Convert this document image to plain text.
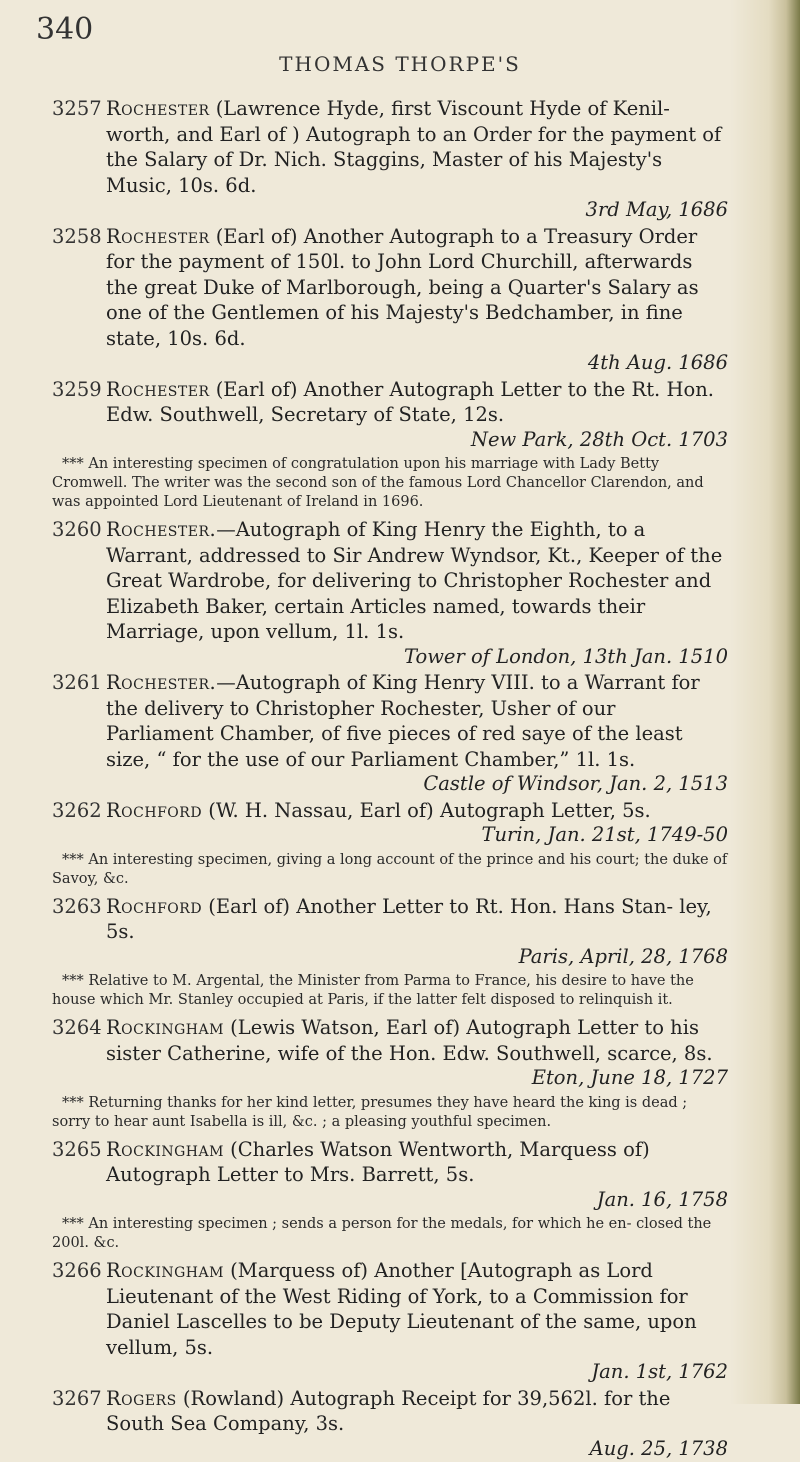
340
THOMAS THORPE'S
3257 Rochester (Lawrence Hyde, first Viscount Hyde of Kenil- worth, and Earl of ) Autograph to an Order for the payment of the Salary of Dr. Nich. Staggins, Master of his Majesty's Music, 10s. 6d.
3rd May, 1686
3258 Rochester (Earl of) Another Autograph to a Treasury Order for the payment of 150l. to John Lord Churchill, afterwards the great Duke of Marlborough, being a Quarter's Salary as one of the Gentlemen of his Majesty's Bedchamber, in fine state, 10s. 6d.
4th Aug. 1686
3259 Rochester (Earl of) Another Autograph Letter to the Rt. Hon. Edw. Southwell, Secretary of State, 12s.
New Park, 28th Oct. 1703
*** An interesting specimen of congratulation upon his marriage with Lady Betty Cromwell. The writer was the second son of the famous Lord Chancellor Clarendon, and was appointed Lord Lieutenant of Ireland in 1696.
3260 Rochester.—Autograph of King Henry the Eighth, to a Warrant, addressed to Sir Andrew Wyndsor, Kt., Keeper of the Great Wardrobe, for delivering to Christopher Rochester and Elizabeth Baker, certain Articles named, towards their Marriage, upon vellum, 1l. 1s.
Tower of London, 13th Jan. 1510
3261 Rochester.—Autograph of King Henry VIII. to a Warrant for the delivery to Christopher Rochester, Usher of our Parliament Chamber, of five pieces of red saye of the least size, “ for the use of our Parliament Chamber,” 1l. 1s.
Castle of Windsor, Jan. 2, 1513
3262 Rochford (W. H. Nassau, Earl of) Autograph Letter, 5s.
Turin, Jan. 21st, 1749-50
*** An interesting specimen, giving a long account of the prince and his court; the duke of Savoy, &c.
3263 Rochford (Earl of) Another Letter to Rt. Hon. Hans Stan- ley, 5s.
Paris, April, 28, 1768
*** Relative to M. Argental, the Minister from Parma to France, his desire to have the house which Mr. Stanley occupied at Paris, if the latter felt disposed to relinquish it.
3264 Rockingham (Lewis Watson, Earl of) Autograph Letter to his sister Catherine, wife of the Hon. Edw. Southwell, scarce, 8s.
Eton, June 18, 1727
*** Returning thanks for her kind letter, presumes they have heard the king is dead ; sorry to hear aunt Isabella is ill, &c. ; a pleasing youthful specimen.
3265 Rockingham (Charles Watson Wentworth, Marquess of) Autograph Letter to Mrs. Barrett, 5s.
Jan. 16, 1758
*** An interesting specimen ; sends a person for the medals, for which he en- closed the 200l. &c.
3266 Rockingham (Marquess of) Another [Autograph as Lord Lieutenant of the West Riding of York, to a Commission for Daniel Lascelles to be Deputy Lieutenant of the same, upon vellum, 5s.
Jan. 1st, 1762
3267 Rogers (Rowland) Autograph Receipt for 39,562l. for the South Sea Company, 3s.
Aug. 25, 1738
